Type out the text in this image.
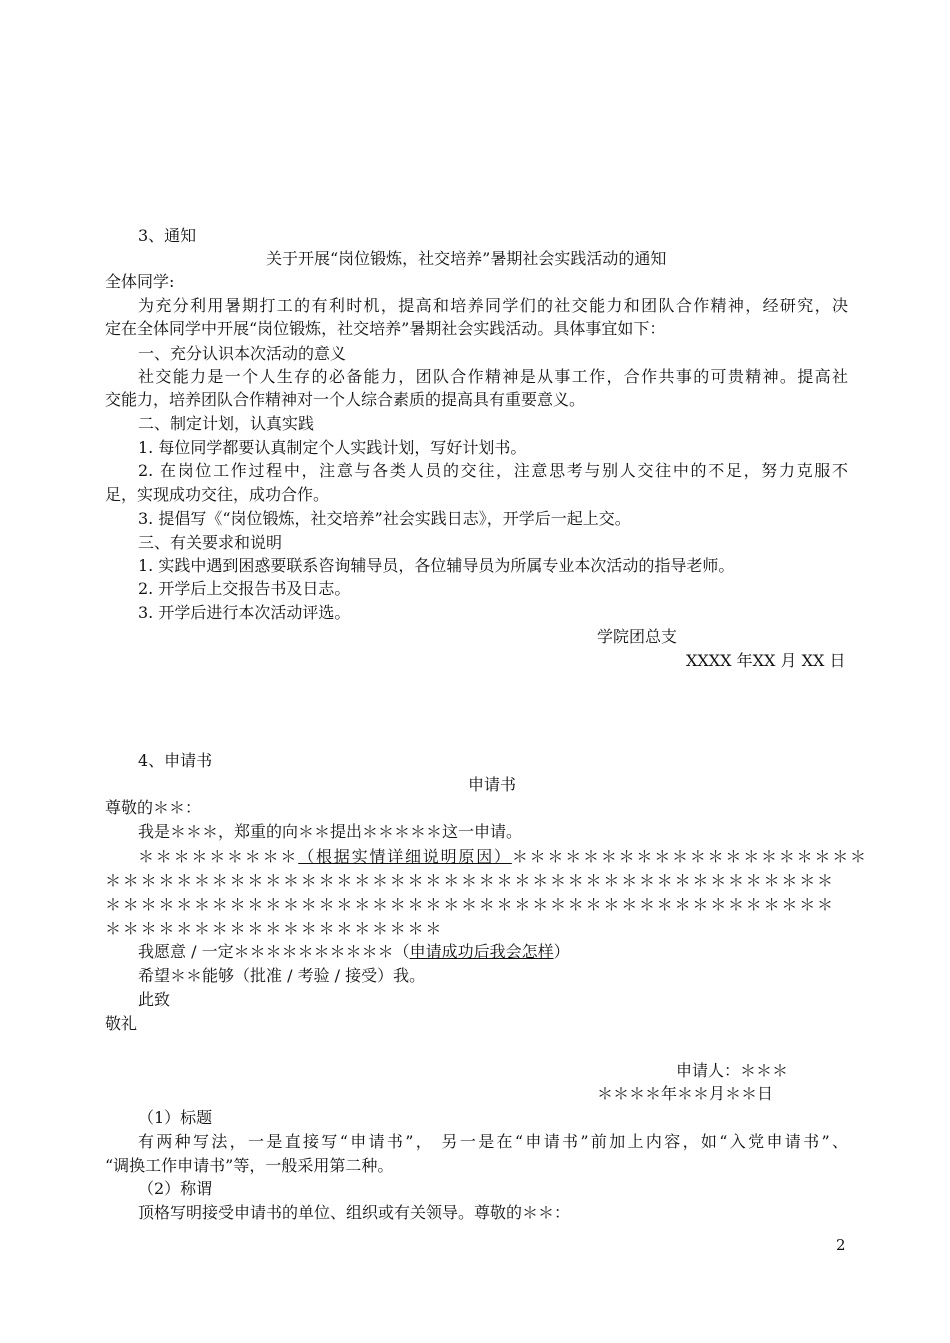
3、通知
关于开展“岗位锻炼，社交培养”暑期社会实践活动的通知
全体同学:
为充分利用暑期打工的有利时机，提高和培养同学们的社交能力和团队合作精神，经研究，决
定在全体同学中开展“岗位锻炼，社交培养”暑期社会实践活动。具体事宜如下：
一、充分认识本次活动的意义
社交能力是一个人生存的必备能力，团队合作精神是从事工作，合作共事的可贵精神。提高社
交能力，培养团队合作精神对一个人综合素质的提高具有重要意义。
二、制定计划，认真实践
1. 每位同学都要认真制定个人实践计划，写好计划书。
2. 在岗位工作过程中，注意与各类人员的交往，注意思考与别人交往中的不足，努力克服不
足，实现成功交往，成功合作。
3. 提倡写《“岗位锻炼，社交培养”社会实践日志》，开学后一起上交。
三、有关要求和说明
1. 实践中遇到困惑要联系咨询辅导员，各位辅导员为所属专业本次活动的指导老师。
2. 开学后上交报告书及日志。
3. 开学后进行本次活动评选。
学院团总支
XXXX 年XX 月 XX 日
4、申请书
申请书
尊敬的＊＊：
我是＊＊＊，郑重的向＊＊提出＊＊＊＊＊这一申请。
＊＊＊＊＊＊＊＊＊（根据实情详细说明原因）＊＊＊＊＊＊＊＊＊＊＊＊＊＊＊＊＊＊＊＊
＊＊＊＊＊＊＊＊＊＊＊＊＊＊＊＊＊＊＊＊＊＊＊＊＊＊＊＊＊＊＊＊＊＊＊＊＊＊＊＊＊
＊＊＊＊＊＊＊＊＊＊＊＊＊＊＊＊＊＊＊＊＊＊＊＊＊＊＊＊＊＊＊＊＊＊＊＊＊＊＊＊＊
＊＊＊＊＊＊＊＊＊＊＊＊＊＊＊＊＊＊＊
我愿意 / 一定＊＊＊＊＊＊＊＊＊＊（申请成功后我会怎样）
希望＊＊能够（批准 / 考验 / 接受）我。
此致
敬礼
申请人：＊＊＊
＊＊＊＊年＊＊月＊＊日
（1）标题
有两种写法，一是直接写“申请书”， 另一是在“申请书”前加上内容，如“入党申请书”、
“调换工作申请书”等，一般采用第二种。
（2）称谓
顶格写明接受申请书的单位、组织或有关领导。尊敬的＊＊：
2
